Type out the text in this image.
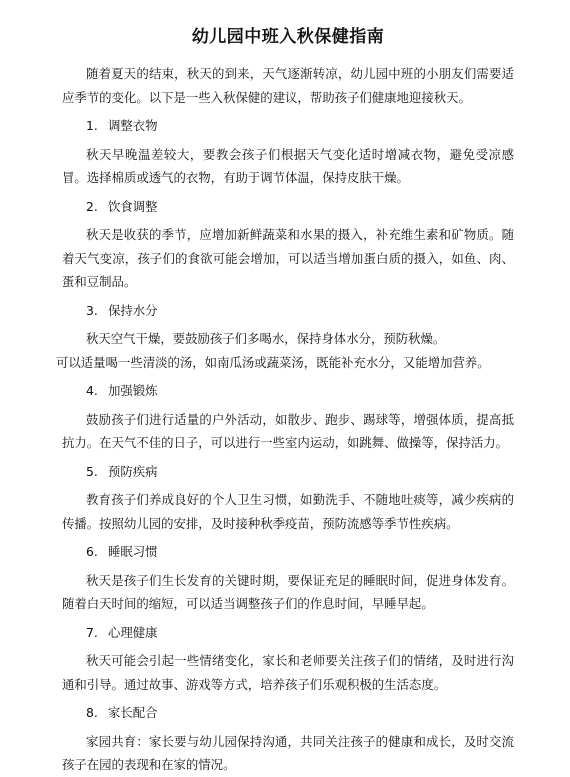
幼儿园中班入秋保健指南

随着夏天的结束，秋天的到来，天气逐渐转凉，幼儿园中班的小朋友们需要适应季节的变化。以下是一些入秋保健的建议，帮助孩子们健康地迎接秋天。

1. 调整衣物

秋天早晚温差较大，要教会孩子们根据天气变化适时增减衣物，避免受凉感冒。选择棉质或透气的衣物，有助于调节体温，保持皮肤干燥。

2. 饮食调整

秋天是收获的季节，应增加新鲜蔬菜和水果的摄入，补充维生素和矿物质。随着天气变凉，孩子们的食欲可能会增加，可以适当增加蛋白质的摄入，如鱼、肉、蛋和豆制品。

3. 保持水分

秋天空气干燥，要鼓励孩子们多喝水，保持身体水分，预防秋燥。

可以适量喝一些清淡的汤，如南瓜汤或蔬菜汤，既能补充水分，又能增加营养。

4. 加强锻炼

鼓励孩子们进行适量的户外活动，如散步、跑步、踢球等，增强体质，提高抵抗力。在天气不佳的日子，可以进行一些室内运动，如跳舞、做操等，保持活力。

5. 预防疾病

教育孩子们养成良好的个人卫生习惯，如勤洗手、不随地吐痰等，减少疾病的传播。按照幼儿园的安排，及时接种秋季疫苗，预防流感等季节性疾病。

6. 睡眠习惯

秋天是孩子们生长发育的关键时期，要保证充足的睡眠时间，促进身体发育。随着白天时间的缩短，可以适当调整孩子们的作息时间，早睡早起。

7. 心理健康

秋天可能会引起一些情绪变化，家长和老师要关注孩子们的情绪，及时进行沟通和引导。通过故事、游戏等方式，培养孩子们乐观积极的生活态度。

8. 家长配合

家园共育：家长要与幼儿园保持沟通，共同关注孩子的健康和成长，及时交流孩子在园的表现和在家的情况。
